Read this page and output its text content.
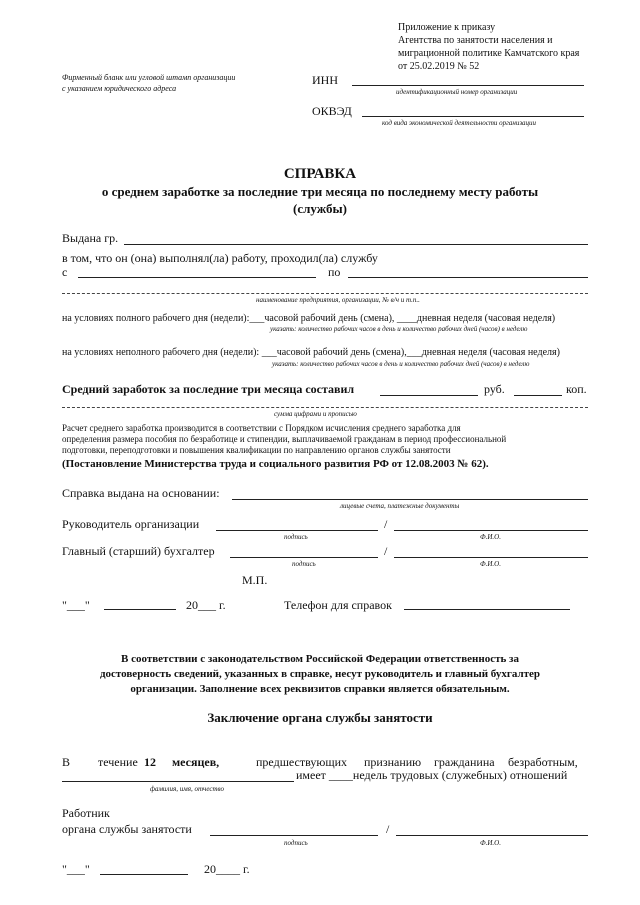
Приложение к приказу
Агентства по занятости населения и
миграционной политике Камчатского края
от 25.02.2019 № 52
Фирменный бланк или угловой штамп организации
с указанием юридического адреса
ИНН
идентификационный номер организации
ОКВЭД
код вида экономической деятельности организации
СПРАВКА
о среднем заработке за последние три месяца по последнему месту работы
(службы)
Выдана гр.
в том, что он (она) выполнял(ла) работу, проходил(ла) службу
с	по
наименование предприятия, организации, № в/ч и т.п..
на условиях полного рабочего дня (недели):___часовой рабочий день (смена), ____дневная неделя (часовая неделя)
указать: количество рабочих часов в день и количество рабочих дней (часов) в неделю
на условиях неполного рабочего дня (недели): ___часовой рабочий день (смена),___дневная неделя (часовая неделя)
указать: количество рабочих часов в день и количество рабочих дней (часов) в неделю
Средний заработок за последние три месяца составил	руб.	коп.
сумма цифрами и прописью
Расчет среднего заработка производится в соответствии с Порядком исчисления среднего заработка для
определения размера пособия по безработице и стипендии, выплачиваемой гражданам в период профессиональной
подготовки, переподготовки и повышения квалификации по направлению органов службы занятости
(Постановление Министерства труда и социального развития РФ от 12.08.2003 № 62).
Справка выдана на основании:
лицевые счета, платежные документы
Руководитель организации	/
подпись	Ф.И.О.
Главный (старший) бухгалтер	/
подпись	Ф.И.О.
М.П.
"___"	20___ г.	Телефон для справок
В соответствии с законодательством Российской Федерации ответственность за
достоверность сведений, указанных в справке, несут руководитель и главный бухгалтер
организации. Заполнение всех реквизитов справки является обязательным.
Заключение органа службы занятости
В течение 12 месяцев,	предшествующих признанию гражданина безработным,
имеет ____недель трудовых (служебных) отношений
фамилия, имя, отчество
Работник
органа службы занятости	/
подпись	Ф.И.О.
"___"	20____ г.
